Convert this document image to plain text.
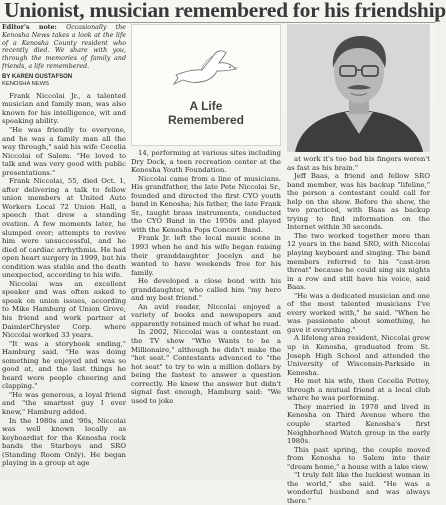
Unionist, musician remembered for his friendship

Editor's note: Occasionally the Kenosha News takes a look at the life of a Kenosha County resident who recently died. We share with you, through the memories of family and friends, a life remembered.

BY KAREN GUSTAFSON
KENOSHA NEWS

Frank Niccolai Jr., a talented musician and family man, was also known for his intelligence, wit and speaking ability.

"He was friendly to everyone, and he was a family man all the way through," said his wife Cecelia Niccolai of Salem. "He loved to talk and was very good with public presentations."

Frank Niccolai, 55, died Oct. 1, after delivering a talk to fellow union members at United Auto Workers Local 72 Union Hall, a speech that drew a standing ovation. A few moments later, he slumped over; attempts to revive him were unsuccessful, and he died of cardiac arrhythmia. He had open heart surgery in 1999, but his condition was stable and the death unexpected, according to his wife.

Niccolai was an excellent speaker and was often asked to speak on union issues, according to Mike Hamburg of Union Grove, his friend and work partner at DaimlerChrysler Corp. where Niccolai worked 33 years.

"It was a storybook ending," Hamburg said. "He was doing something he enjoyed and was so good at, and the last things he heard were people cheering and clapping."

"He was generous, a loyal friend and "the smartest guy I ever knew," Hamburg added.

In the 1980s and '90s, Niccolai was well known locally as keyboardist for the Kenosha rock bands the Starboys and SRO (Standing Room Only). He began playing in a group at age

A Life
Remembered

14, performing at various sites including Dry Dock, a teen recreation center at the Kenosha Youth Foundation.

Niccolai came from a line of musicians. His grandfather, the late Pete Niccolai Sr., founded and directed the first CYO youth band in Kenosha; his father, the late Frank Sr., taught brass instruments, conducted the CYO Band in the 1950s and played with the Kenosha Pops Concert Band.

Frank Jr. left the local music scene in 1993 when he and his wife began raising their granddaughter Jocelyn and he wanted to have weekends free for his family.

He developed a close bond with his granddaughter, who called him "my hero and my best friend."

An avid reader, Niccolai enjoyed a variety of books and newspapers and apparently retained much of what he read.

In 2002, Niccolai was a contestant on the TV show "Who Wants to be a Millionaire," although he didn't make the "hot seat." Contestants advanced to "the hot seat" to try to win a million dollars by being the fastest to answer a question correctly. He knew the answer but didn't signal fast enough, Hamburg said: "We used to joke

at work it's too bad his fingers weren't as fast as his brain."

Jeff Baas, a friend and fellow SRO band member, was his backup "lifeline," the person a contestant could call for help on the show. Before the show, the two practiced, with Baas as backup trying to find information on the Internet within 30 seconds.

The two worked together more than 12 years in the band SRO, with Niccolai playing keyboard and singing. The band members referred to his "cast-iron throat" because he could sing six nights in a row and still have his voice, said Baas.

"He was a dedicated musician and one of the most talented musicians I've every worked with," he said. "When he was passionate about something, he gave it everything."

A lifelong area resident, Niccolai grew up in Kenosha, graduated from St. Joseph High School and attended the University of Wisconsin-Parkside in Kenosha.

He met his wife, then Cecelia Pettey, through a mutual friend at a local club where he was performing.

They married in 1978 and lived in Kenosha on Third Avenue where the couple started Kenosha's first Neighborhood Watch group in the early 1980s.

This past spring, the couple moved from Kenosha to Salem into their "dream home," a house with a lake view.

"I truly felt like the luckiest woman in the world," she said. "He was a wonderful husband and was always there."
